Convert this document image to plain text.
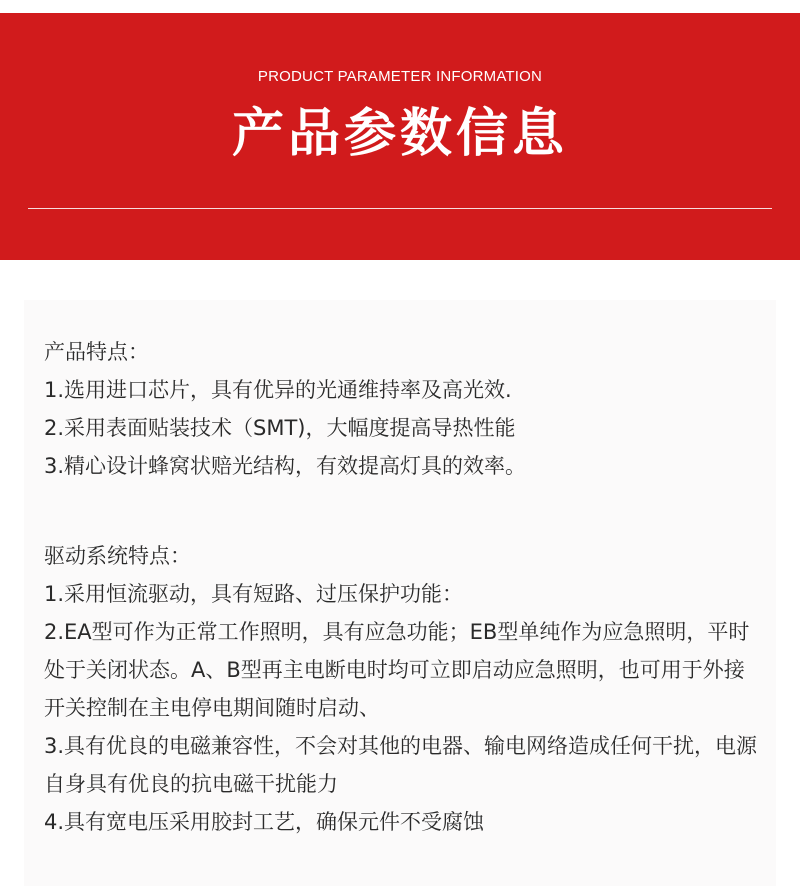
PRODUCT PARAMETER INFORMATION
产品参数信息
产品特点：
1.选用进口芯片，具有优异的光通维持率及高光效.
2.采用表面贴装技术（SMT)，大幅度提高导热性能
3.精心设计蜂窝状赔光结构，有效提高灯具的效率。
驱动系统特点：
1.采用恒流驱动，具有短路、过压保护功能：
2.EA型可作为正常工作照明，具有应急功能；EB型单纯作为应急照明，平时处于关闭状态。A、B型再主电断电时均可立即启动应急照明，也可用于外接开关控制在主电停电期间随时启动、
3.具有优良的电磁兼容性，不会对其他的电器、输电网络造成任何干扰，电源自身具有优良的抗电磁干扰能力
4.具有宽电压采用胶封工艺，确保元件不受腐蚀
